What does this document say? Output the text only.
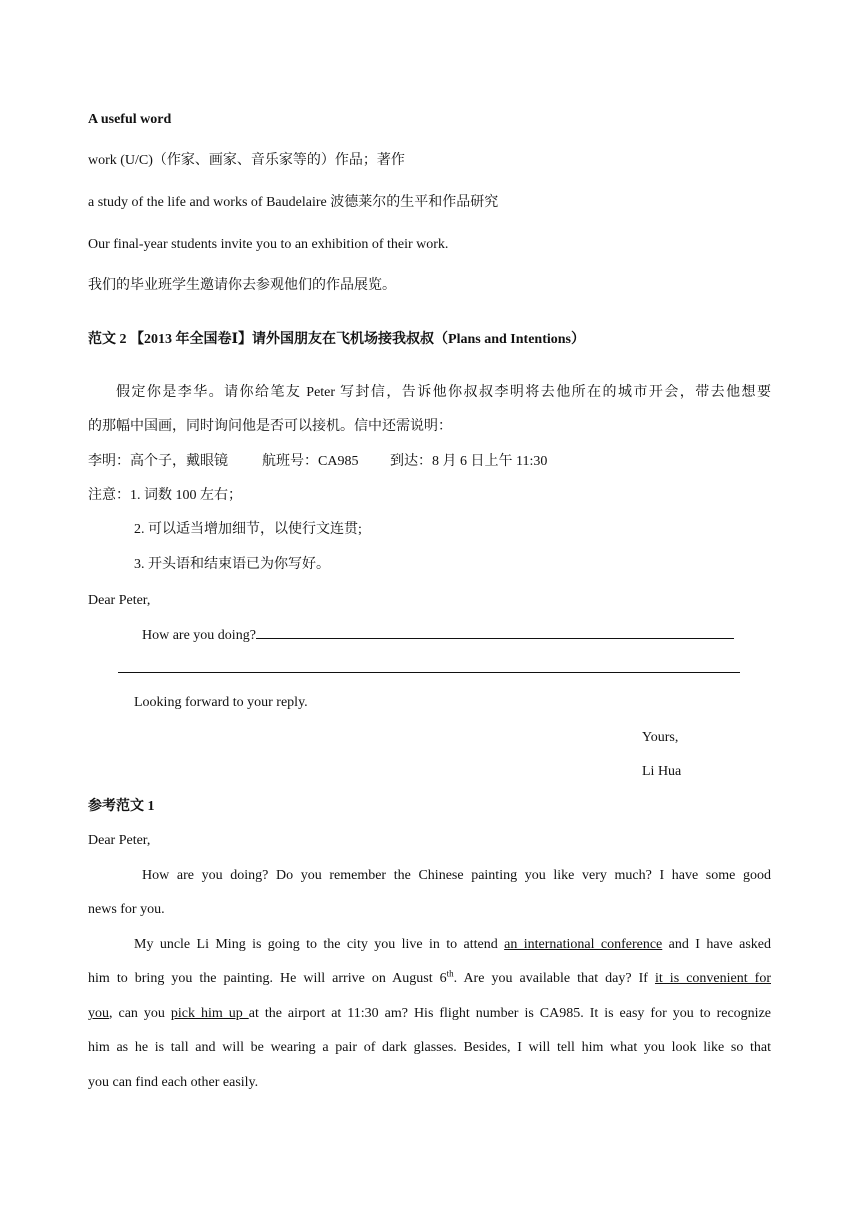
A useful word
work (U/C)（作家、画家、音乐家等的）作品；著作
a study of the life and works of Baudelaire 波德莱尔的生平和作品研究
Our final-year students invite you to an exhibition of their work.
我们的毕业班学生邀请你去参观他们的作品展览。
范文 2 【2013 年全国卷Ⅰ】请外国朋友在飞机场接我叔叔（Plans and Intentions）
假定你是李华。请你给笔友 Peter 写封信，告诉他你叔叔李明将去他所在的城市开会，带去他想要
的那幅中国画，同时询问他是否可以接机。信中还需说明：
李明：高个子，戴眼镜 航班号：CA985 到达：8 月 6 日上午 11:30
注意：1. 词数 100 左右；
2. 可以适当增加细节，以使行文连贯;
3. 开头语和结束语已为你写好。
Dear Peter,
How are you doing?
Looking forward to your reply.
Yours,
Li Hua
参考范文 1
Dear Peter,
How are you doing? Do you remember the Chinese painting you like very much? I have some good
news for you.
My uncle Li Ming is going to the city you live in to attend an international conference and I have asked
him to bring you the painting. He will arrive on August 6th. Are you available that day? If it is convenient for
you, can you pick him up at the airport at 11:30 am? His flight number is CA985. It is easy for you to recognize
him as he is tall and will be wearing a pair of dark glasses. Besides, I will tell him what you look like so that
you can find each other easily.
